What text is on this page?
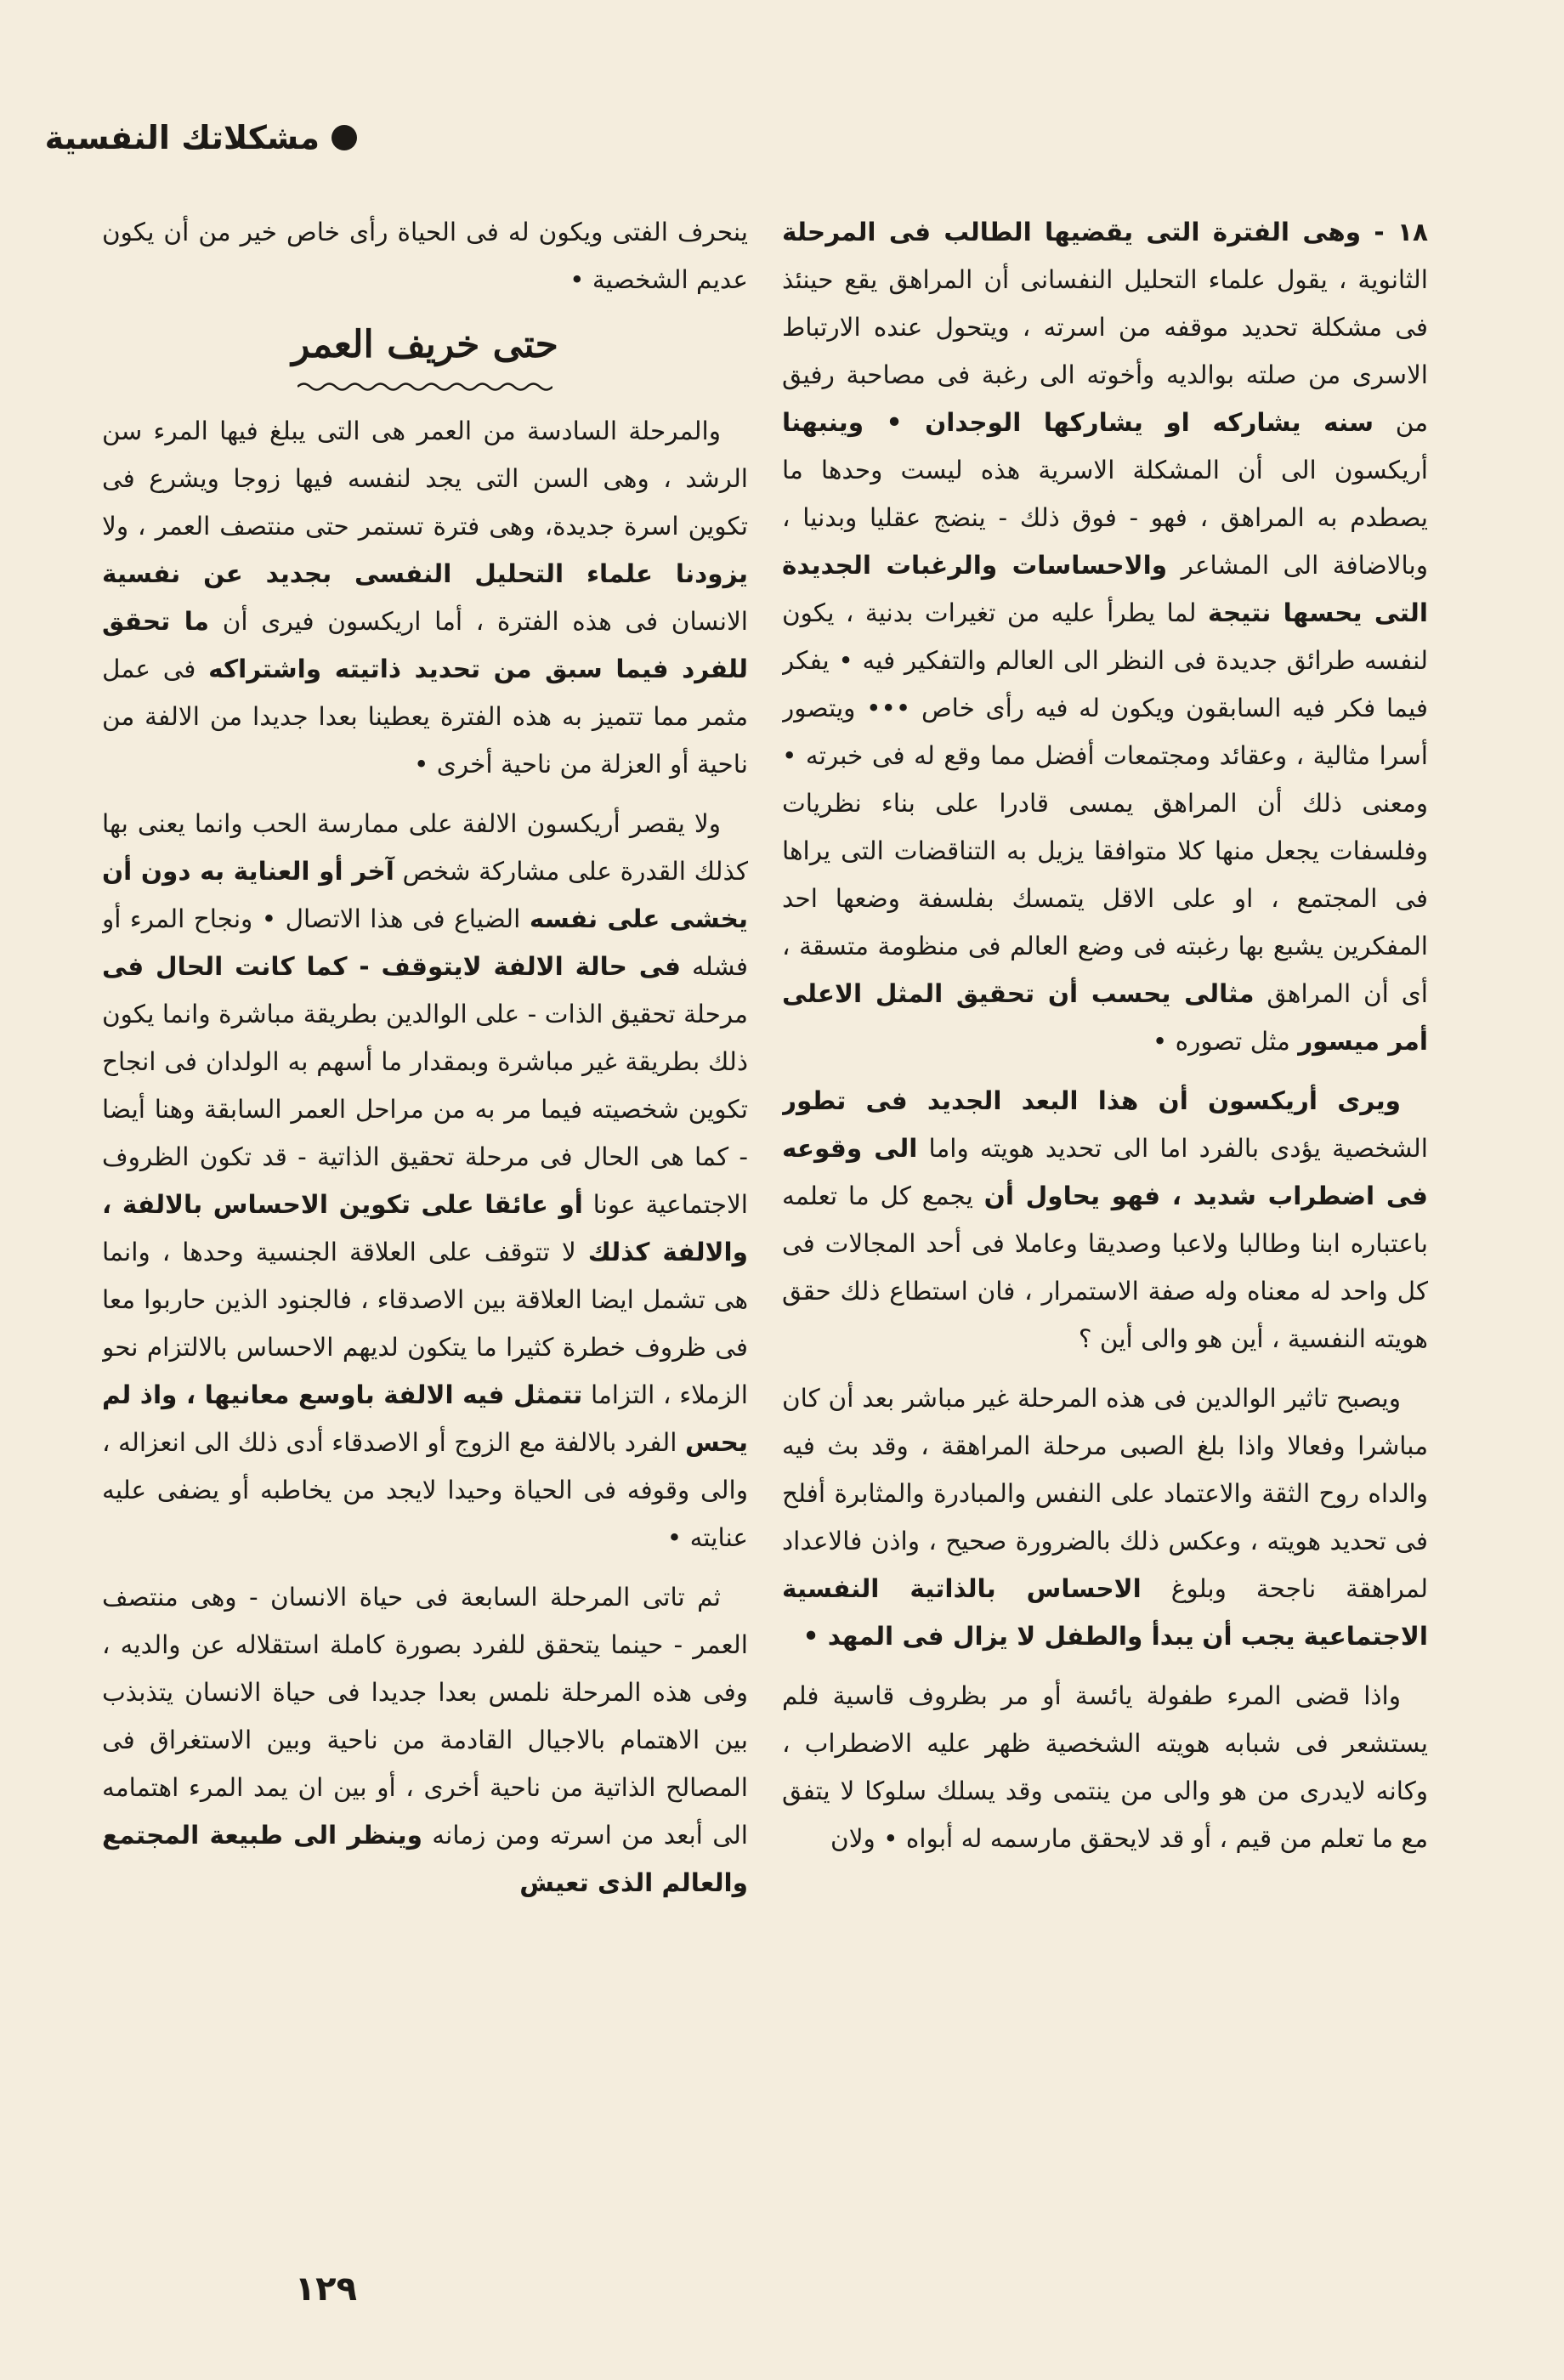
مشكلاتك النفسية

١٨ - وهى الفترة التى يقضيها الطالب فى المرحلة الثانوية ، يقول علماء التحليل النفسانى أن المراهق يقع حينئذ فى مشكلة تحديد موقفه من اسرته ، ويتحول عنده الارتباط الاسرى من صلته بوالديه وأخوته الى رغبة فى مصاحبة رفيق من سنه يشاركه او يشاركها الوجدان • وينبهنا أريكسون الى أن المشكلة الاسرية هذه ليست وحدها ما يصطدم به المراهق ، فهو - فوق ذلك - ينضج عقليا وبدنيا ، وبالاضافة الى المشاعر والاحساسات والرغبات الجديدة التى يحسها نتيجة لما يطرأ عليه من تغيرات بدنية ، يكون لنفسه طرائق جديدة فى النظر الى العالم والتفكير فيه • يفكر فيما فكر فيه السابقون ويكون له فيه رأى خاص ••• ويتصور أسرا مثالية ، وعقائد ومجتمعات أفضل مما وقع له فى خبرته • ومعنى ذلك أن المراهق يمسى قادرا على بناء نظريات وفلسفات يجعل منها كلا متوافقا يزيل به التناقضات التى يراها فى المجتمع ، او على الاقل يتمسك بفلسفة وضعها احد المفكرين يشبع بها رغبته فى وضع العالم فى منظومة متسقة ، أى أن المراهق مثالى يحسب أن تحقيق المثل الاعلى أمر ميسور مثل تصوره •

ويرى أريكسون أن هذا البعد الجديد فى تطور الشخصية يؤدى بالفرد اما الى تحديد هويته واما الى وقوعه فى اضطراب شديد ، فهو يحاول أن يجمع كل ما تعلمه باعتباره ابنا وطالبا ولاعبا وصديقا وعاملا فى أحد المجالات فى كل واحد له معناه وله صفة الاستمرار ، فان استطاع ذلك حقق هويته النفسية ، أين هو والى أين ؟

ويصبح تاثير الوالدين فى هذه المرحلة غير مباشر بعد أن كان مباشرا وفعالا واذا بلغ الصبى مرحلة المراهقة ، وقد بث فيه والداه روح الثقة والاعتماد على النفس والمبادرة والمثابرة أفلح فى تحديد هويته ، وعكس ذلك بالضرورة صحيح ، واذن فالاعداد لمراهقة ناجحة وبلوغ الاحساس بالذاتية النفسية الاجتماعية يجب أن يبدأ والطفل لا يزال فى المهد •

واذا قضى المرء طفولة يائسة أو مر بظروف قاسية فلم يستشعر فى شبابه هويته الشخصية ظهر عليه الاضطراب ، وكانه لايدرى من هو والى من ينتمى وقد يسلك سلوكا لا يتفق مع ما تعلم من قيم ، أو قد لايحقق مارسمه له أبواه • ولان

ينحرف الفتى ويكون له فى الحياة رأى خاص خير من أن يكون عديم الشخصية •

حتى خريف العمر

والمرحلة السادسة من العمر هى التى يبلغ فيها المرء سن الرشد ، وهى السن التى يجد لنفسه فيها زوجا ويشرع فى تكوين اسرة جديدة، وهى فترة تستمر حتى منتصف العمر ، ولا يزودنا علماء التحليل النفسى بجديد عن نفسية الانسان فى هذه الفترة ، أما اريكسون فيرى أن ما تحقق للفرد فيما سبق من تحديد ذاتيته واشتراكه فى عمل مثمر مما تتميز به هذه الفترة يعطينا بعدا جديدا من الالفة من ناحية أو العزلة من ناحية أخرى •

ولا يقصر أريكسون الالفة على ممارسة الحب وانما يعنى بها كذلك القدرة على مشاركة شخص آخر أو العناية به دون أن يخشى على نفسه الضياع فى هذا الاتصال • ونجاح المرء أو فشله فى حالة الالفة لايتوقف - كما كانت الحال فى مرحلة تحقيق الذات - على الوالدين بطريقة مباشرة وانما يكون ذلك بطريقة غير مباشرة وبمقدار ما أسهم به الولدان فى انجاح تكوين شخصيته فيما مر به من مراحل العمر السابقة وهنا أيضا - كما هى الحال فى مرحلة تحقيق الذاتية - قد تكون الظروف الاجتماعية عونا أو عائقا على تكوين الاحساس بالالفة ، والالفة كذلك لا تتوقف على العلاقة الجنسية وحدها ، وانما هى تشمل ايضا العلاقة بين الاصدقاء ، فالجنود الذين حاربوا معا فى ظروف خطرة كثيرا ما يتكون لديهم الاحساس بالالتزام نحو الزملاء ، التزاما تتمثل فيه الالفة باوسع معانيها ، واذ لم يحس الفرد بالالفة مع الزوج أو الاصدقاء أدى ذلك الى انعزاله ، والى وقوفه فى الحياة وحيدا لايجد من يخاطبه أو يضفى عليه عنايته •

ثم تاتى المرحلة السابعة فى حياة الانسان - وهى منتصف العمر - حينما يتحقق للفرد بصورة كاملة استقلاله عن والديه ، وفى هذه المرحلة نلمس بعدا جديدا فى حياة الانسان يتذبذب بين الاهتمام بالاجيال القادمة من ناحية وبين الاستغراق فى المصالح الذاتية من ناحية أخرى ، أو بين ان يمد المرء اهتمامه الى أبعد من اسرته ومن زمانه وينظر الى طبيعة المجتمع والعالم الذى تعيش

١٢٩
